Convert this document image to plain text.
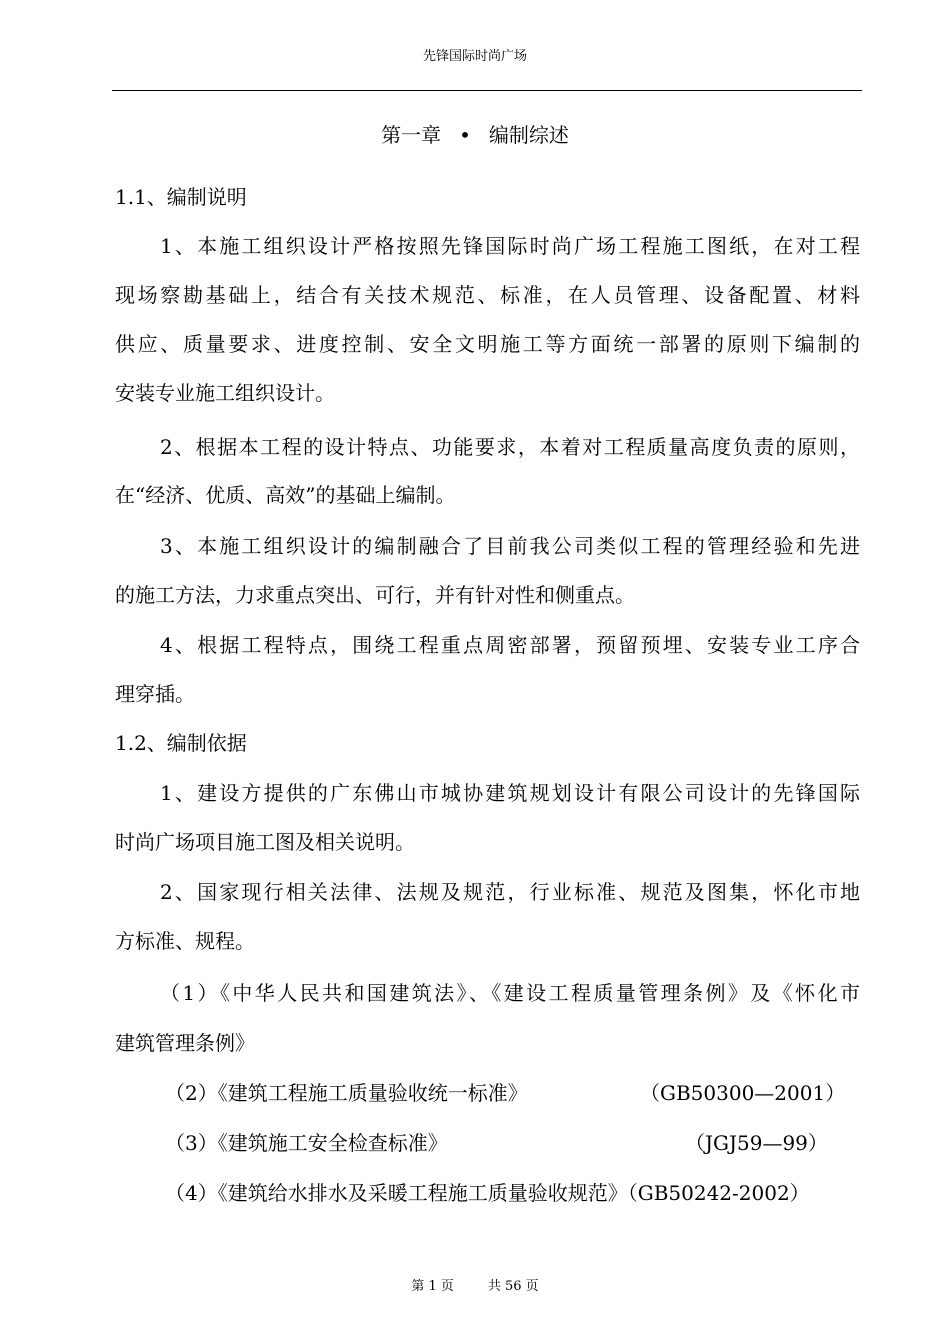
先锋国际时尚广场
第一章 • 编制综述
1.1、编制说明
1、本施工组织设计严格按照先锋国际时尚广场工程施工图纸，在对工程
现场察勘基础上，结合有关技术规范、标准，在人员管理、设备配置、材料
供应、质量要求、进度控制、安全文明施工等方面统一部署的原则下编制的
安装专业施工组织设计。
2、根据本工程的设计特点、功能要求，本着对工程质量高度负责的原则，
在“经济、优质、高效”的基础上编制。
3、本施工组织设计的编制融合了目前我公司类似工程的管理经验和先进
的施工方法，力求重点突出、可行，并有针对性和侧重点。
4、根据工程特点，围绕工程重点周密部署，预留预埋、安装专业工序合
理穿插。
1.2、编制依据
1、建设方提供的广东佛山市城协建筑规划设计有限公司设计的先锋国际
时尚广场项目施工图及相关说明。
2、国家现行相关法律、法规及规范，行业标准、规范及图集，怀化市地
方标准、规程。
（1）《中华人民共和国建筑法》、《建设工程质量管理条例》及《怀化市
建筑管理条例》
（2）《建筑工程施工质量验收统一标准》	（GB50300—2001）
（3）《建筑施工安全检查标准》	（JGJ59—99）
（4）《建筑给水排水及采暖工程施工质量验收规范》（GB50242-2002）
第 1 页	共 56 页
